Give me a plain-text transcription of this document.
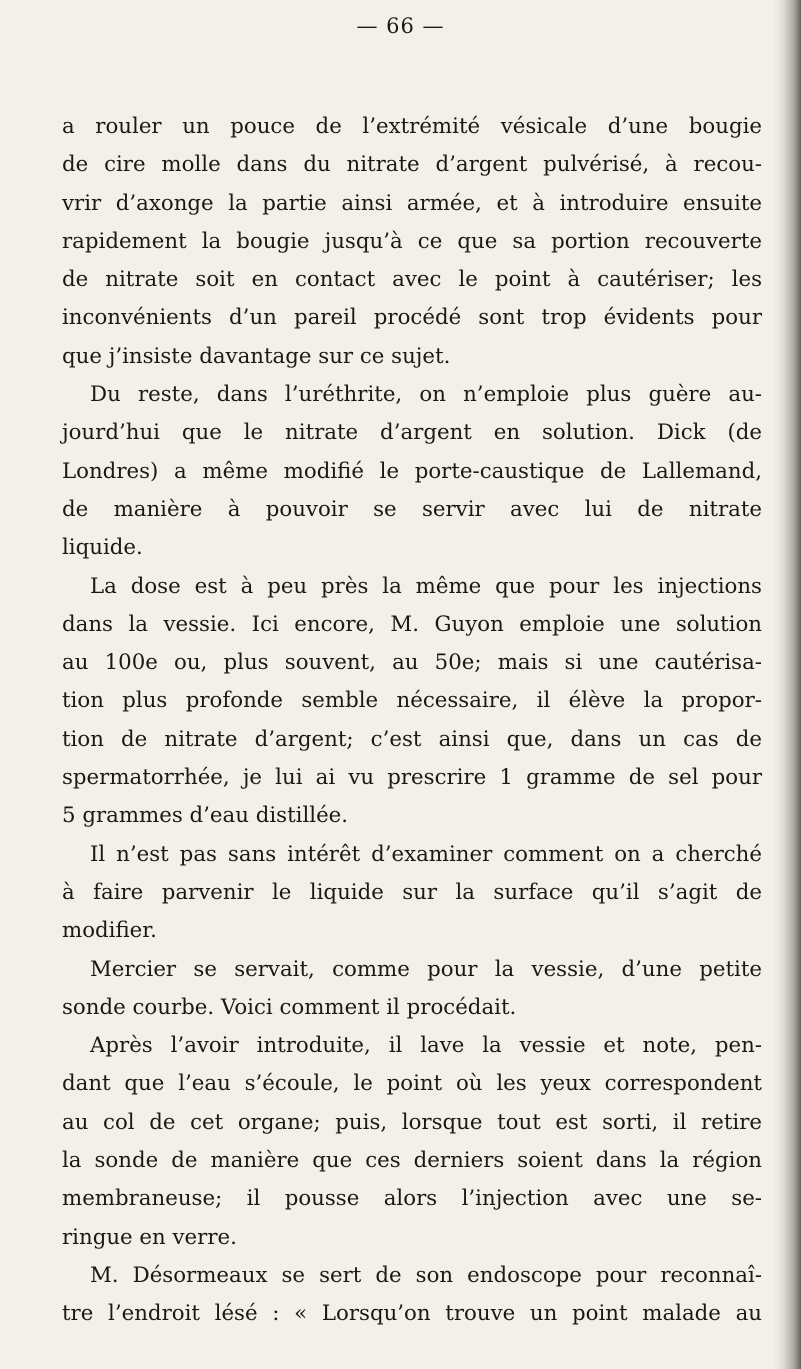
— 66 —
a rouler un pouce de l’extrémité vésicale d’une bougie
de cire molle dans du nitrate d’argent pulvérisé, à recou-
vrir d’axonge la partie ainsi armée, et à introduire ensuite
rapidement la bougie jusqu’à ce que sa portion recouverte
de nitrate soit en contact avec le point à cautériser; les
inconvénients d’un pareil procédé sont trop évidents pour
que j’insiste davantage sur ce sujet.
Du reste, dans l’uréthrite, on n’emploie plus guère au-
jourd’hui que le nitrate d’argent en solution. Dick (de
Londres) a même modifié le porte-caustique de Lallemand,
de manière à pouvoir se servir avec lui de nitrate
liquide.
La dose est à peu près la même que pour les injections
dans la vessie. Ici encore, M. Guyon emploie une solution
au 100e ou, plus souvent, au 50e; mais si une cautérisa-
tion plus profonde semble nécessaire, il élève la propor-
tion de nitrate d’argent; c’est ainsi que, dans un cas de
spermatorrhée, je lui ai vu prescrire 1 gramme de sel pour
5 grammes d’eau distillée.
Il n’est pas sans intérêt d’examiner comment on a cherché
à faire parvenir le liquide sur la surface qu’il s’agit de
modifier.
Mercier se servait, comme pour la vessie, d’une petite
sonde courbe. Voici comment il procédait.
Après l’avoir introduite, il lave la vessie et note, pen-
dant que l’eau s’écoule, le point où les yeux correspondent
au col de cet organe; puis, lorsque tout est sorti, il retire
la sonde de manière que ces derniers soient dans la région
membraneuse; il pousse alors l’injection avec une se-
ringue en verre.
M. Désormeaux se sert de son endoscope pour reconnaî-
tre l’endroit lésé : « Lorsqu’on trouve un point malade au
